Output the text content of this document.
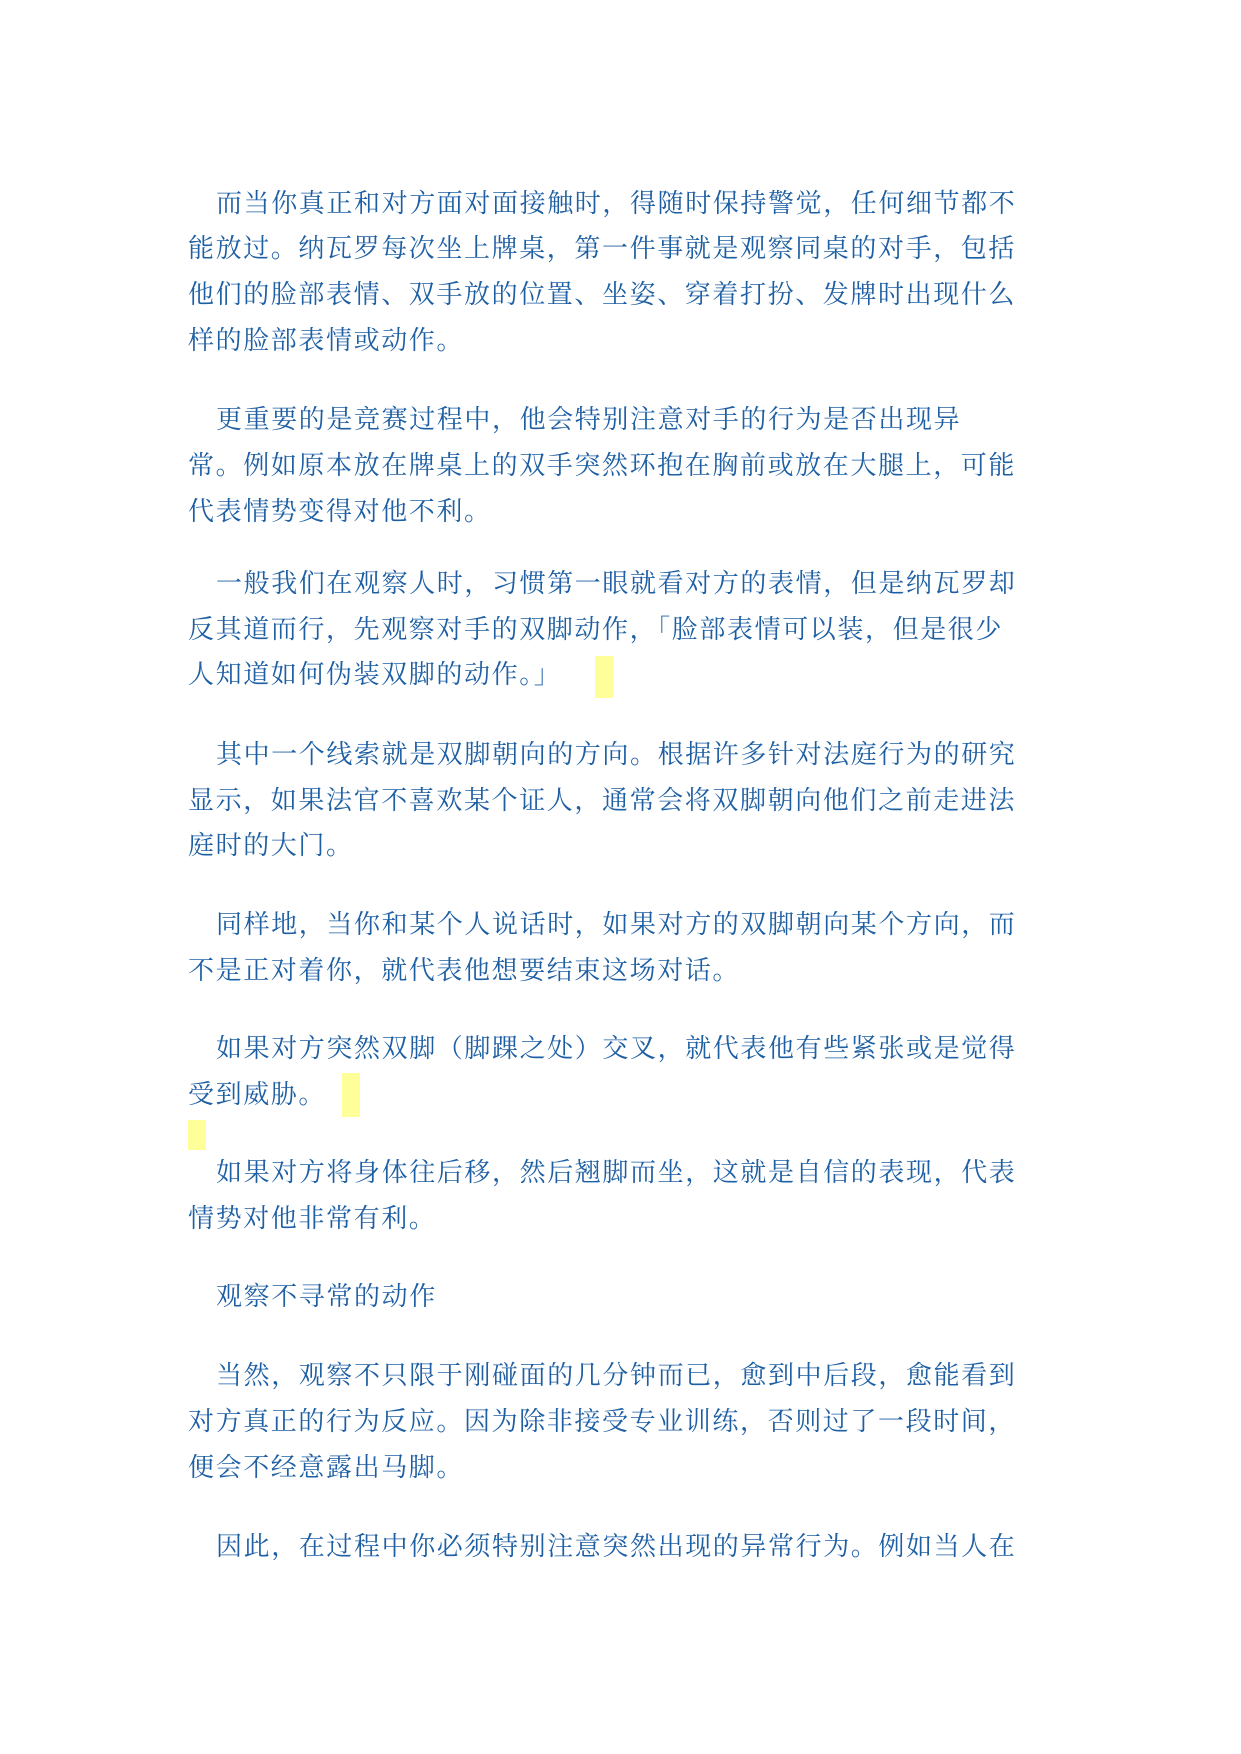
而当你真正和对方面对面接触时，得随时保持警觉，任何细节都不
能放过。纳瓦罗每次坐上牌桌，第一件事就是观察同桌的对手，包括
他们的脸部表情、双手放的位置、坐姿、穿着打扮、发牌时出现什么
样的脸部表情或动作。
更重要的是竞赛过程中，他会特别注意对手的行为是否出现异
常。例如原本放在牌桌上的双手突然环抱在胸前或放在大腿上，可能
代表情势变得对他不利。
一般我们在观察人时，习惯第一眼就看对方的表情，但是纳瓦罗却
反其道而行，先观察对手的双脚动作，「脸部表情可以装，但是很少
人知道如何伪装双脚的动作。」
其中一个线索就是双脚朝向的方向。根据许多针对法庭行为的研究
显示，如果法官不喜欢某个证人，通常会将双脚朝向他们之前走进法
庭时的大门。
同样地，当你和某个人说话时，如果对方的双脚朝向某个方向，而
不是正对着你，就代表他想要结束这场对话。
如果对方突然双脚（脚踝之处）交叉，就代表他有些紧张或是觉得
受到威胁。
如果对方将身体往后移，然后翘脚而坐，这就是自信的表现，代表
情势对他非常有利。
观察不寻常的动作
当然，观察不只限于刚碰面的几分钟而已，愈到中后段，愈能看到
对方真正的行为反应。因为除非接受专业训练，否则过了一段时间，
便会不经意露出马脚。
因此，在过程中你必须特别注意突然出现的异常行为。例如当人在
